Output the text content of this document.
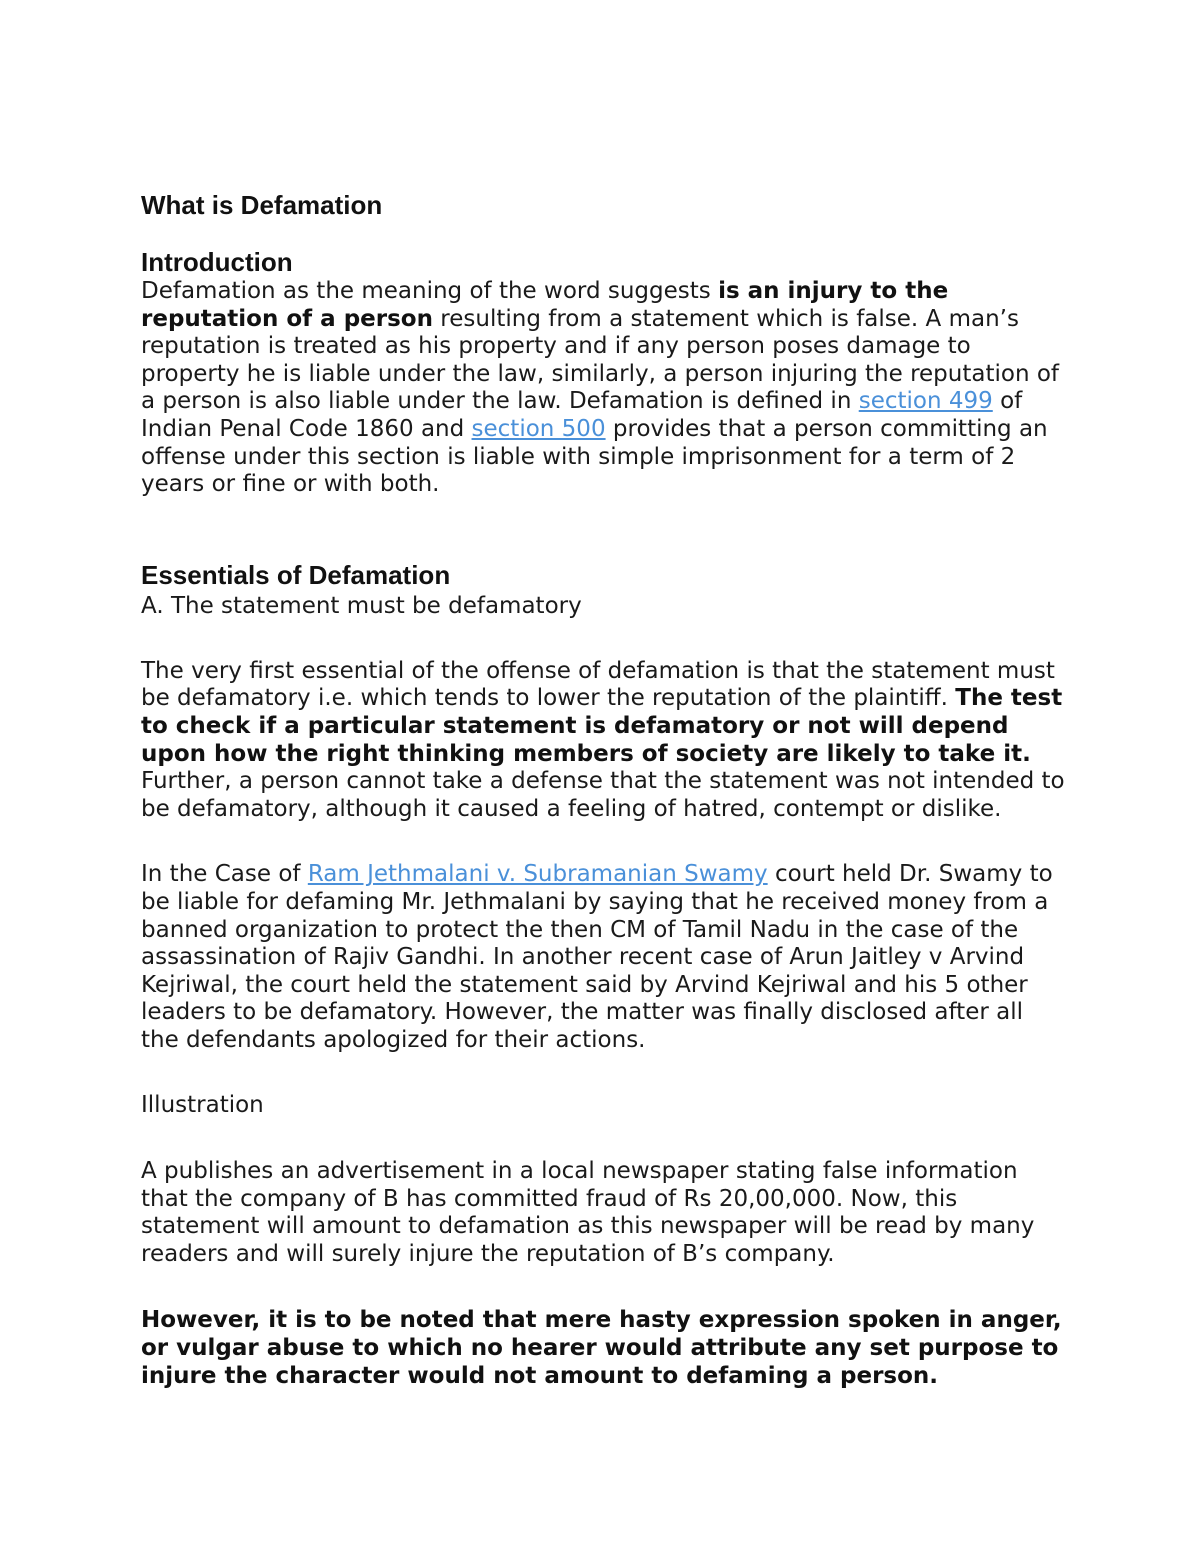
What is Defamation
Introduction

Defamation as the meaning of the word suggests is an injury to the reputation of a person resulting from a statement which is false. A man’s reputation is treated as his property and if any person poses damage to property he is liable under the law, similarly, a person injuring the reputation of a person is also liable under the law. Defamation is defined in section 499 of Indian Penal Code 1860 and section 500 provides that a person committing an offense under this section is liable with simple imprisonment for a term of 2 years or fine or with both.

Essentials of Defamation

A. The statement must be defamatory

The very first essential of the offense of defamation is that the statement must be defamatory i.e. which tends to lower the reputation of the plaintiff. The test to check if a particular statement is defamatory or not will depend upon how the right thinking members of society are likely to take it. Further, a person cannot take a defense that the statement was not intended to be defamatory, although it caused a feeling of hatred, contempt or dislike.

In the Case of Ram Jethmalani v. Subramanian Swamy court held Dr. Swamy to be liable for defaming Mr. Jethmalani by saying that he received money from a banned organization to protect the then CM of Tamil Nadu in the case of the assassination of Rajiv Gandhi. In another recent case of Arun Jaitley v Arvind Kejriwal, the court held the statement said by Arvind Kejriwal and his 5 other leaders to be defamatory. However, the matter was finally disclosed after all the defendants apologized for their actions.

Illustration

A publishes an advertisement in a local newspaper stating false information that the company of B has committed fraud of Rs 20,00,000. Now, this statement will amount to defamation as this newspaper will be read by many readers and will surely injure the reputation of B’s company.

However, it is to be noted that mere hasty expression spoken in anger, or vulgar abuse to which no hearer would attribute any set purpose to injure the character would not amount to defaming a person.
